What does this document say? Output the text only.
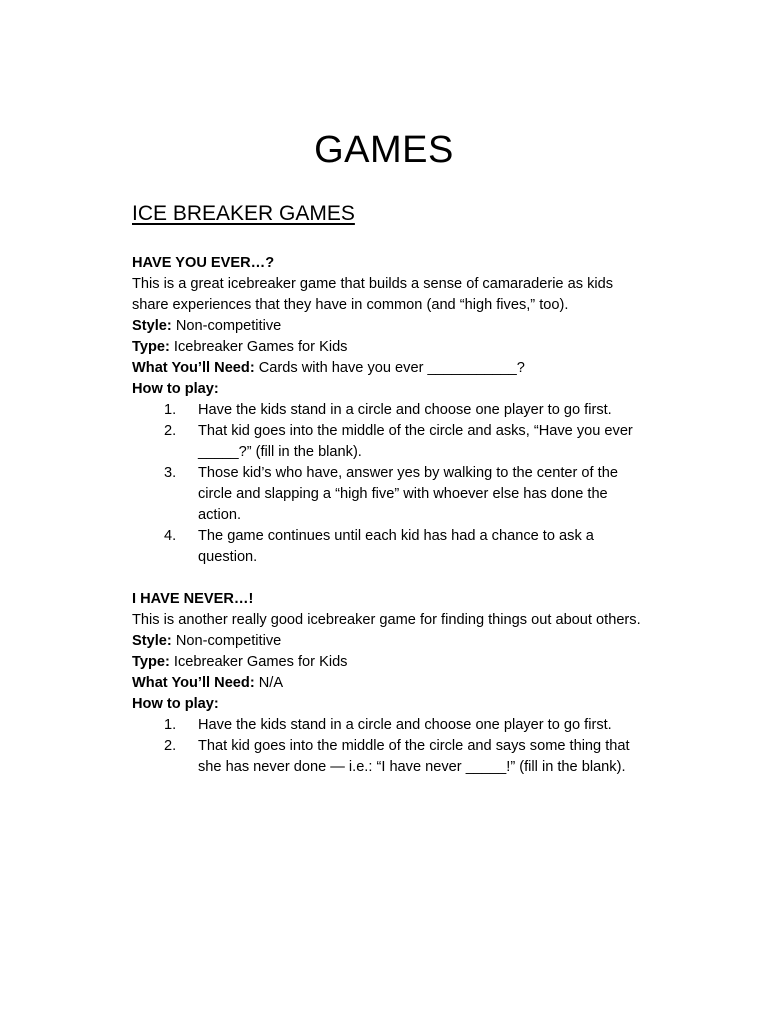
GAMES
ICE BREAKER GAMES

HAVE YOU EVER…?

This is a great icebreaker game that builds a sense of camaraderie as kids share experiences that they have in common (and “high fives,” too).

Style: Non-competitive

Type: Icebreaker Games for Kids

What You’ll Need: Cards with have you ever ___________?

How to play:

1. Have the kids stand in a circle and choose one player to go first.
2. That kid goes into the middle of the circle and asks, “Have you ever _____?” (fill in the blank).
3. Those kid’s who have, answer yes by walking to the center of the circle and slapping a “high five” with whoever else has done the action.
4. The game continues until each kid has had a chance to ask a question.

I HAVE NEVER…!

This is another really good icebreaker game for finding things out about others.

Style: Non-competitive

Type: Icebreaker Games for Kids

What You’ll Need: N/A

How to play:

1. Have the kids stand in a circle and choose one player to go first.
2. That kid goes into the middle of the circle and says some thing that she has never done — i.e.: “I have never _____!” (fill in the blank).
